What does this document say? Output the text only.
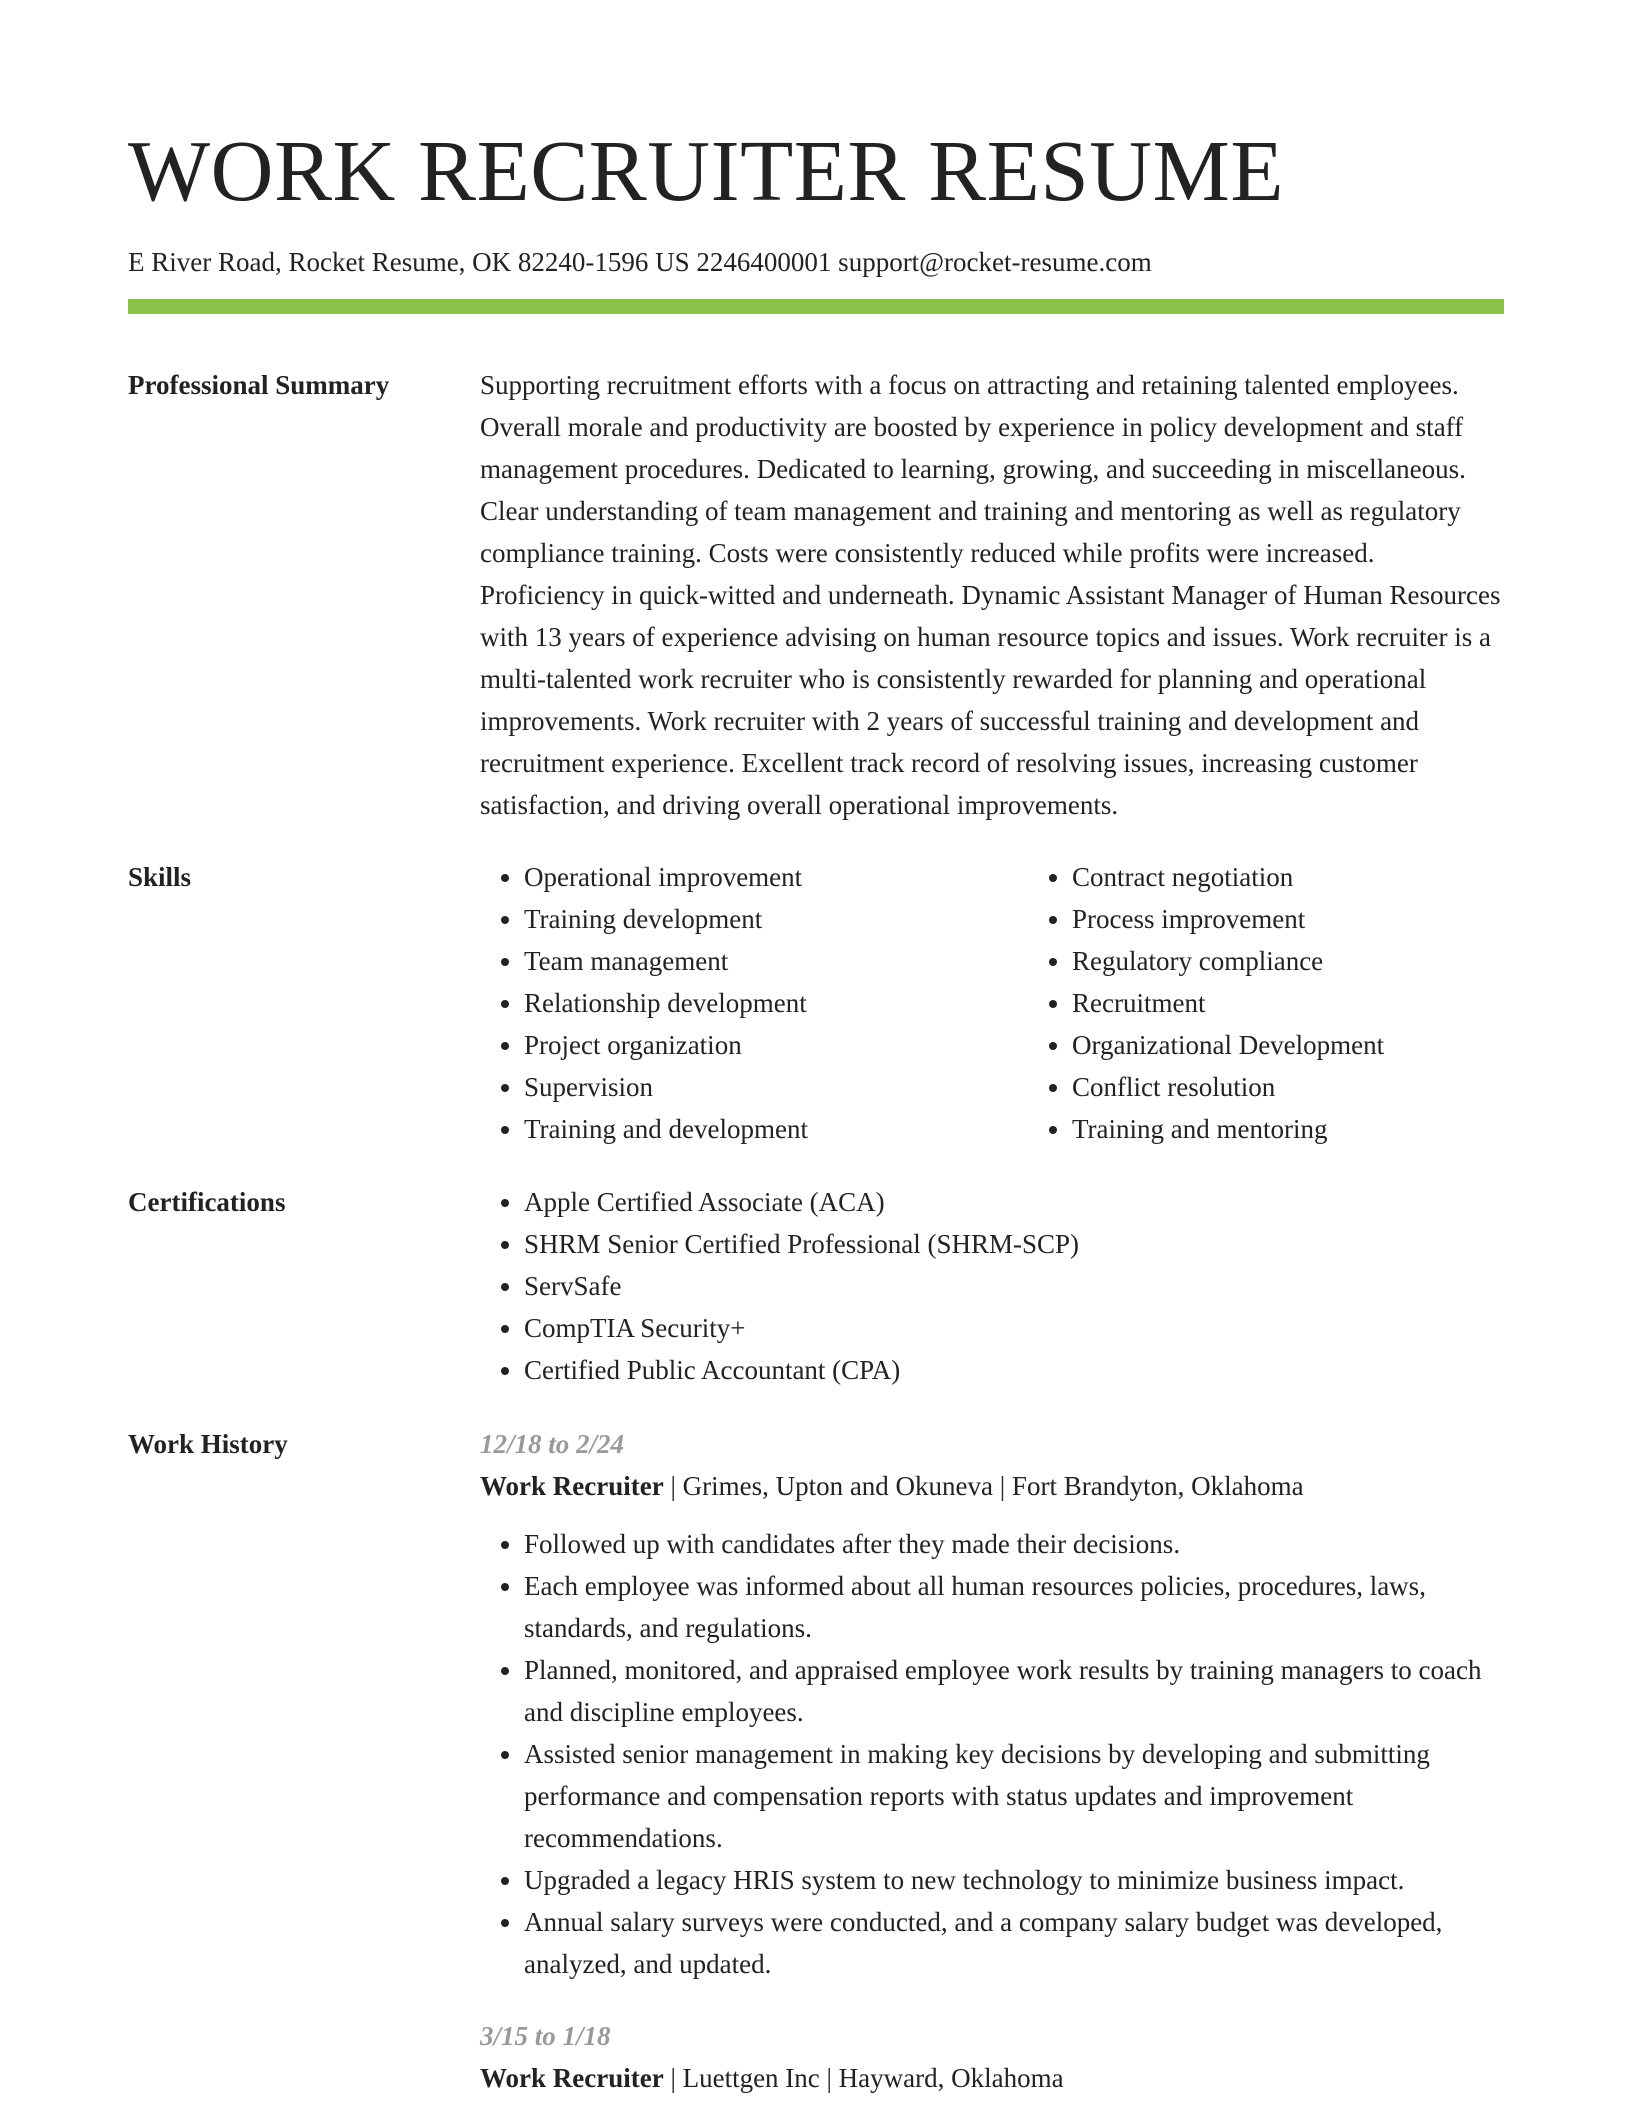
WORK RECRUITER RESUME
E River Road, Rocket Resume, OK 82240-1596 US 2246400001 support@rocket-resume.com
Professional Summary	Supporting recruitment efforts with a focus on attracting and retaining talented employees. Overall morale and productivity are boosted by experience in policy development and staff management procedures. Dedicated to learning, growing, and succeeding in miscellaneous. Clear understanding of team management and training and mentoring as well as regulatory compliance training. Costs were consistently reduced while profits were increased. Proficiency in quick-witted and underneath. Dynamic Assistant Manager of Human Resources with 13 years of experience advising on human resource topics and issues. Work recruiter is a multi-talented work recruiter who is consistently rewarded for planning and operational improvements. Work recruiter with 2 years of successful training and development and recruitment experience. Excellent track record of resolving issues, increasing customer satisfaction, and driving overall operational improvements.

Skills	• Operational improvement
• Training development
• Team management
• Relationship development
• Project organization
• Supervision
• Training and development
• Contract negotiation
• Process improvement
• Regulatory compliance
• Recruitment
• Organizational Development
• Conflict resolution
• Training and mentoring
Certifications	• Apple Certified Associate (ACA)
• SHRM Senior Certified Professional (SHRM-SCP)
• ServSafe
• CompTIA Security+
• Certified Public Accountant (CPA)
Work History	12/18 to 2/24
Work Recruiter | Grimes, Upton and Okuneva | Fort Brandyton, Oklahoma
• Followed up with candidates after they made their decisions.
• Each employee was informed about all human resources policies, procedures, laws, standards, and regulations.
• Planned, monitored, and appraised employee work results by training managers to coach and discipline employees.
• Assisted senior management in making key decisions by developing and submitting performance and compensation reports with status updates and improvement recommendations.
• Upgraded a legacy HRIS system to new technology to minimize business impact.
• Annual salary surveys were conducted, and a company salary budget was developed, analyzed, and updated.
3/15 to 1/18
Work Recruiter | Luettgen Inc | Hayward, Oklahoma
